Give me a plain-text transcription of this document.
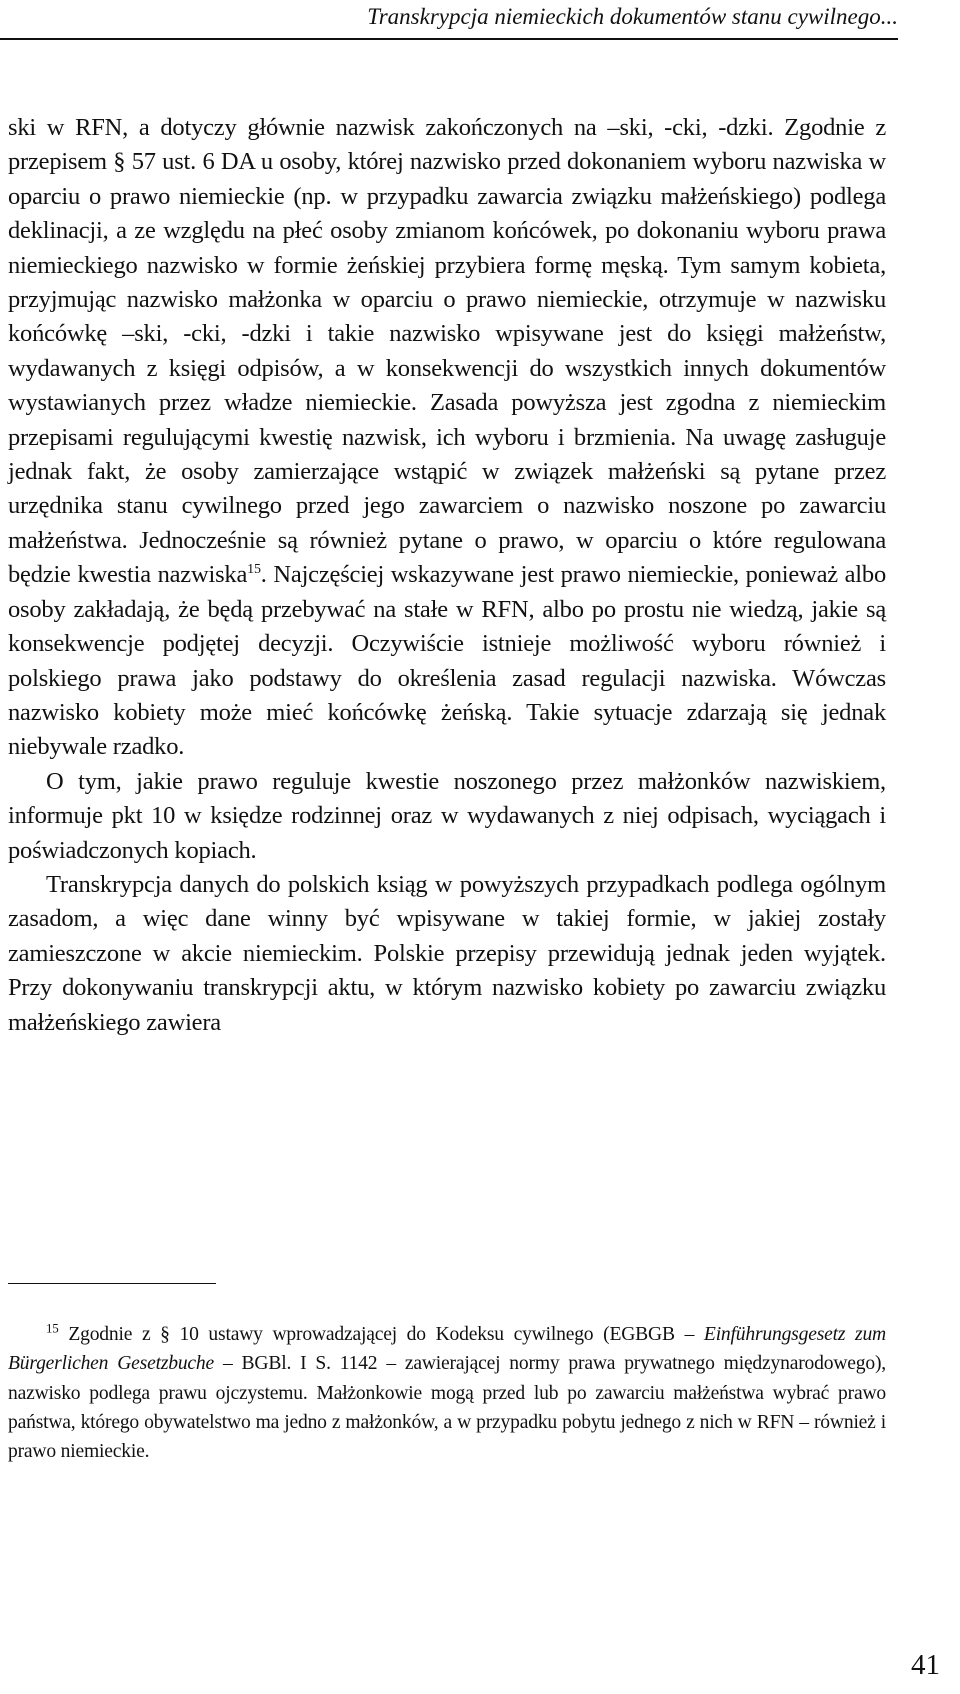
Transkrypcja niemieckich dokumentów stanu cywilnego...

ski w RFN, a dotyczy głównie nazwisk zakończonych na –ski, -cki, -dzki. Zgodnie z przepisem § 57 ust. 6 DA u osoby, której nazwisko przed dokonaniem wyboru nazwiska w oparciu o prawo niemieckie (np. w przypadku zawarcia związku małżeńskiego) podlega deklinacji, a ze względu na płeć osoby zmianom końcówek, po dokonaniu wyboru prawa niemieckiego nazwisko w formie żeńskiej przybiera formę męską. Tym samym kobieta, przyjmując nazwisko małżonka w oparciu o prawo niemieckie, otrzymuje w nazwisku końcówkę –ski, -cki, -dzki i takie nazwisko wpisywane jest do księgi małżeństw, wydawanych z księgi odpisów, a w konsekwencji do wszystkich innych dokumentów wystawianych przez władze niemieckie. Zasada powyższa jest zgodna z niemieckim przepisami regulującymi kwestię nazwisk, ich wyboru i brzmienia. Na uwagę zasługuje jednak fakt, że osoby zamierzające wstąpić w związek małżeński są pytane przez urzędnika stanu cywilnego przed jego zawarciem o nazwisko noszone po zawarciu małżeństwa. Jednocześnie są również pytane o prawo, w oparciu o które regulowana będzie kwestia nazwiska$^{15}$. Najczęściej wskazywane jest prawo niemieckie, ponieważ albo osoby zakładają, że będą przebywać na stałe w RFN, albo po prostu nie wiedzą, jakie są konsekwencje podjętej decyzji. Oczywiście istnieje możliwość wyboru również i polskiego prawa jako podstawy do określenia zasad regulacji nazwiska. Wówczas nazwisko kobiety może mieć końcówkę żeńską. Takie sytuacje zdarzają się jednak niebywale rzadko.

O tym, jakie prawo reguluje kwestie noszonego przez małżonków nazwiskiem, informuje pkt 10 w księdze rodzinnej oraz w wydawanych z niej odpisach, wyciągach i poświadczonych kopiach.

Transkrypcja danych do polskich ksiąg w powyższych przypadkach podlega ogólnym zasadom, a więc dane winny być wpisywane w takiej formie, w jakiej zostały zamieszczone w akcie niemieckim. Polskie przepisy przewidują jednak jeden wyjątek. Przy dokonywaniu transkrypcji aktu, w którym nazwisko kobiety po zawarciu związku małżeńskiego zawiera

$^{15}$ Zgodnie z § 10 ustawy wprowadzającej do Kodeksu cywilnego (EGBGB – Einführungsgesetz zum Bürgerlichen Gesetzbuche – BGBl. I S. 1142 – zawierającej normy prawa prywatnego międzynarodowego), nazwisko podlega prawu ojczystemu. Małżonkowie mogą przed lub po zawarciu małżeństwa wybrać prawo państwa, którego obywatelstwo ma jedno z małżonków, a w przypadku pobytu jednego z nich w RFN – również i prawo niemieckie.

41
